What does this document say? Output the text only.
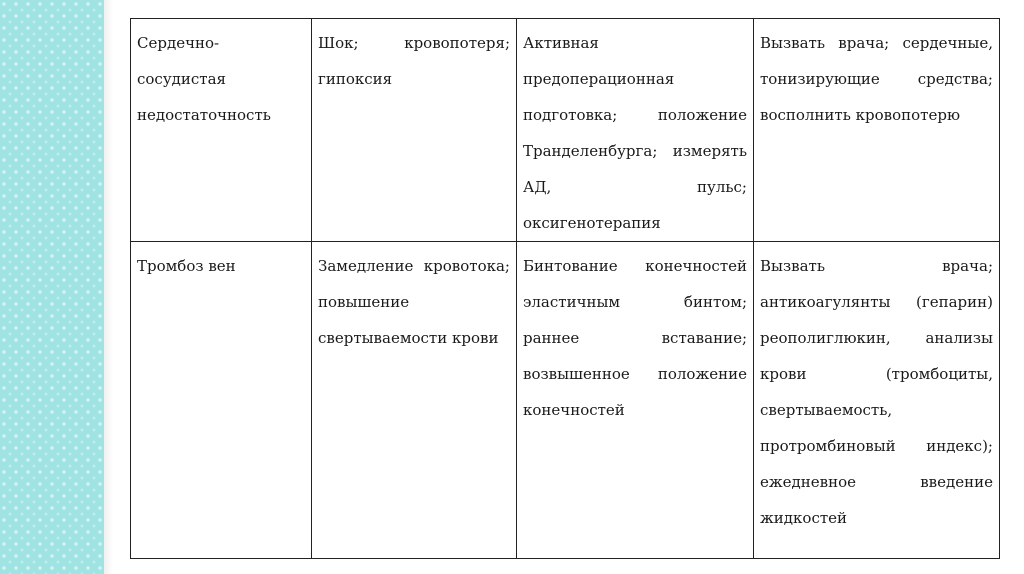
Сердечно-сосудистая недостаточность	Шок; кровопотеря; гипоксия	Активная предоперационная подготовка; положение Транделенбурга; измерять АД, пульс; оксигенотерапия	Вызвать врача; сердечные, тонизирующие средства; восполнить кровопотерю

Тромбоз вен	Замедление кровотока; повышение свертываемости крови	Бинтование конечностей эластичным бинтом; раннее вставание; возвышенное положение конечностей	Вызвать врача; антикоагулянты (гепарин) реополиглюкин, анализы крови (тромбоциты, свертываемость, протромбиновый индекс); ежедневное введение жидкостей
